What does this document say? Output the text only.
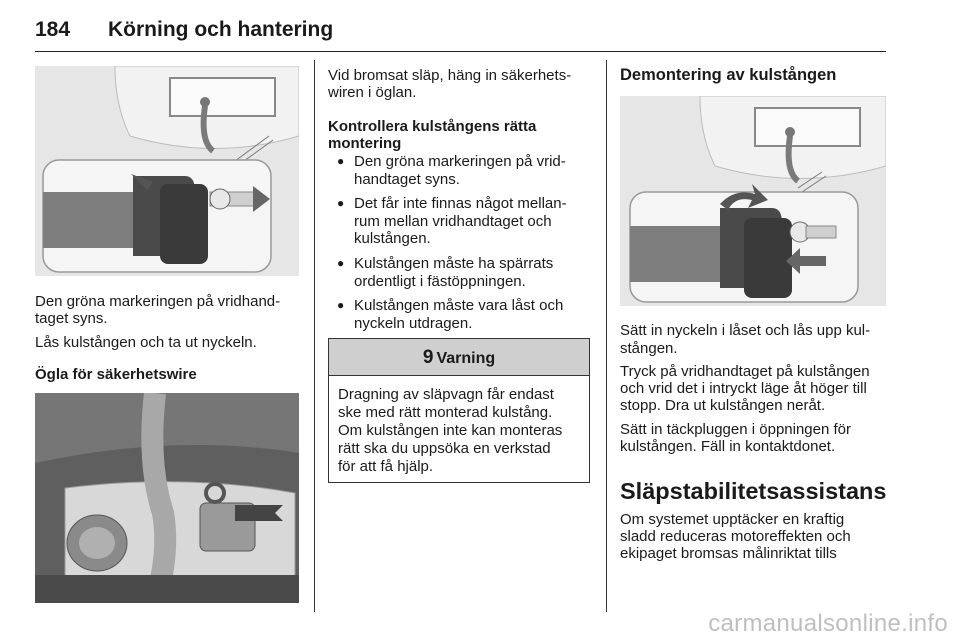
184 Körning och hantering

Den gröna markeringen på vridhand-

taget syns.

Lås kulstången och ta ut nyckeln.

Ögla för säkerhetswire

Vid bromsat släp, häng in säkerhets-

wiren i öglan.

Kontrollera kulstångens rätta

montering

● Den gröna markeringen på vrid-
handtaget syns.
● Det får inte finnas något mellan-
rum mellan vridhandtaget och
kulstången.
● Kulstången måste ha spärrats
ordentligt i fästöppningen.
● Kulstången måste vara låst och
nyckeln utdragen.
9 Varning
Dragning av släpvagn får endast
ske med rätt monterad kulstång.
Om kulstången inte kan monteras
rätt ska du uppsöka en verkstad
för att få hjälp.

Demontering av kulstången

Sätt in nyckeln i låset och lås upp kul-

stången.

Tryck på vridhandtaget på kulstången

och vrid det i intryckt läge åt höger till

stopp. Dra ut kulstången neråt.

Sätt in täckpluggen i öppningen för

kulstången. Fäll in kontaktdonet.

Släpstabilitetsassistans

Om systemet upptäcker en kraftig

sladd reduceras motoreffekten och

ekipaget bromsas målinriktat tills

carmanualsonline.info
